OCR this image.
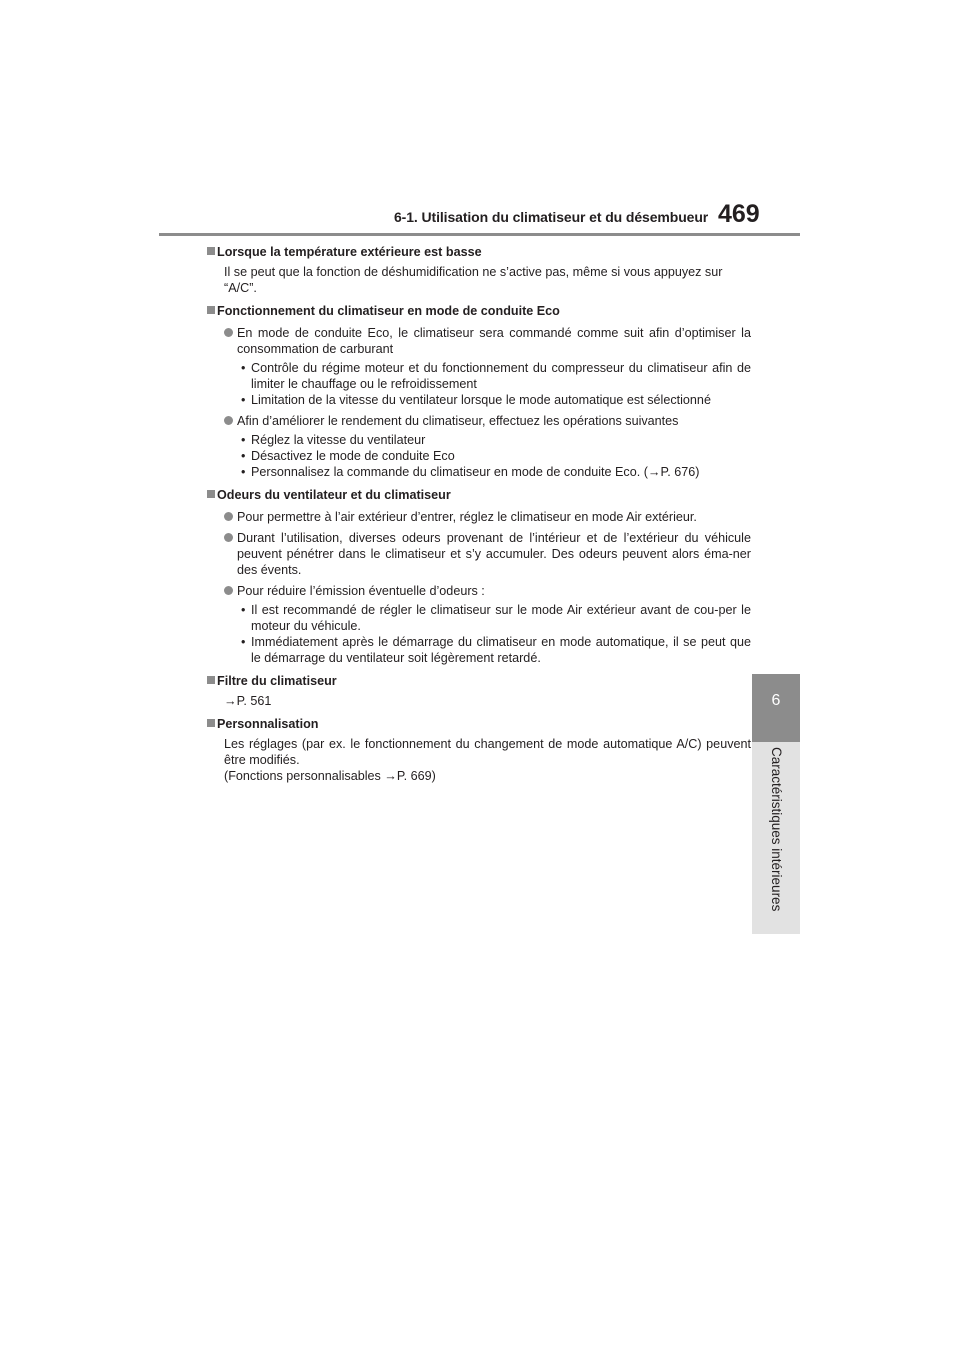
6-1. Utilisation du climatiseur et du désembueur 469
6
Caractéristiques intérieures
Lorsque la température extérieure est basse
Il se peut que la fonction de déshumidification ne s’active pas, même si vous appuyez sur
“A/C”.
Fonctionnement du climatiseur en mode de conduite Eco
En mode de conduite Eco, le climatiseur sera commandé comme suit afin d’optimiser la consommation de carburant
• Contrôle du régime moteur et du fonctionnement du compresseur du climatiseur afin de limiter le chauffage ou le refroidissement
• Limitation de la vitesse du ventilateur lorsque le mode automatique est sélectionné
Afin d’améliorer le rendement du climatiseur, effectuez les opérations suivantes
• Réglez la vitesse du ventilateur
• Désactivez le mode de conduite Eco
• Personnalisez la commande du climatiseur en mode de conduite Eco. (→P. 676)
Odeurs du ventilateur et du climatiseur
Pour permettre à l’air extérieur d’entrer, réglez le climatiseur en mode Air extérieur.
Durant l’utilisation, diverses odeurs provenant de l’intérieur et de l’extérieur du véhicule peuvent pénétrer dans le climatiseur et s’y accumuler. Des odeurs peuvent alors éma-ner des évents.
Pour réduire l’émission éventuelle d’odeurs :
• Il est recommandé de régler le climatiseur sur le mode Air extérieur avant de cou-per le moteur du véhicule.
• Immédiatement après le démarrage du climatiseur en mode automatique, il se peut que le démarrage du ventilateur soit légèrement retardé.
Filtre du climatiseur
→P. 561
Personnalisation
Les réglages (par ex. le fonctionnement du changement de mode automatique A/C) peuvent être modifiés.
(Fonctions personnalisables →P. 669)
